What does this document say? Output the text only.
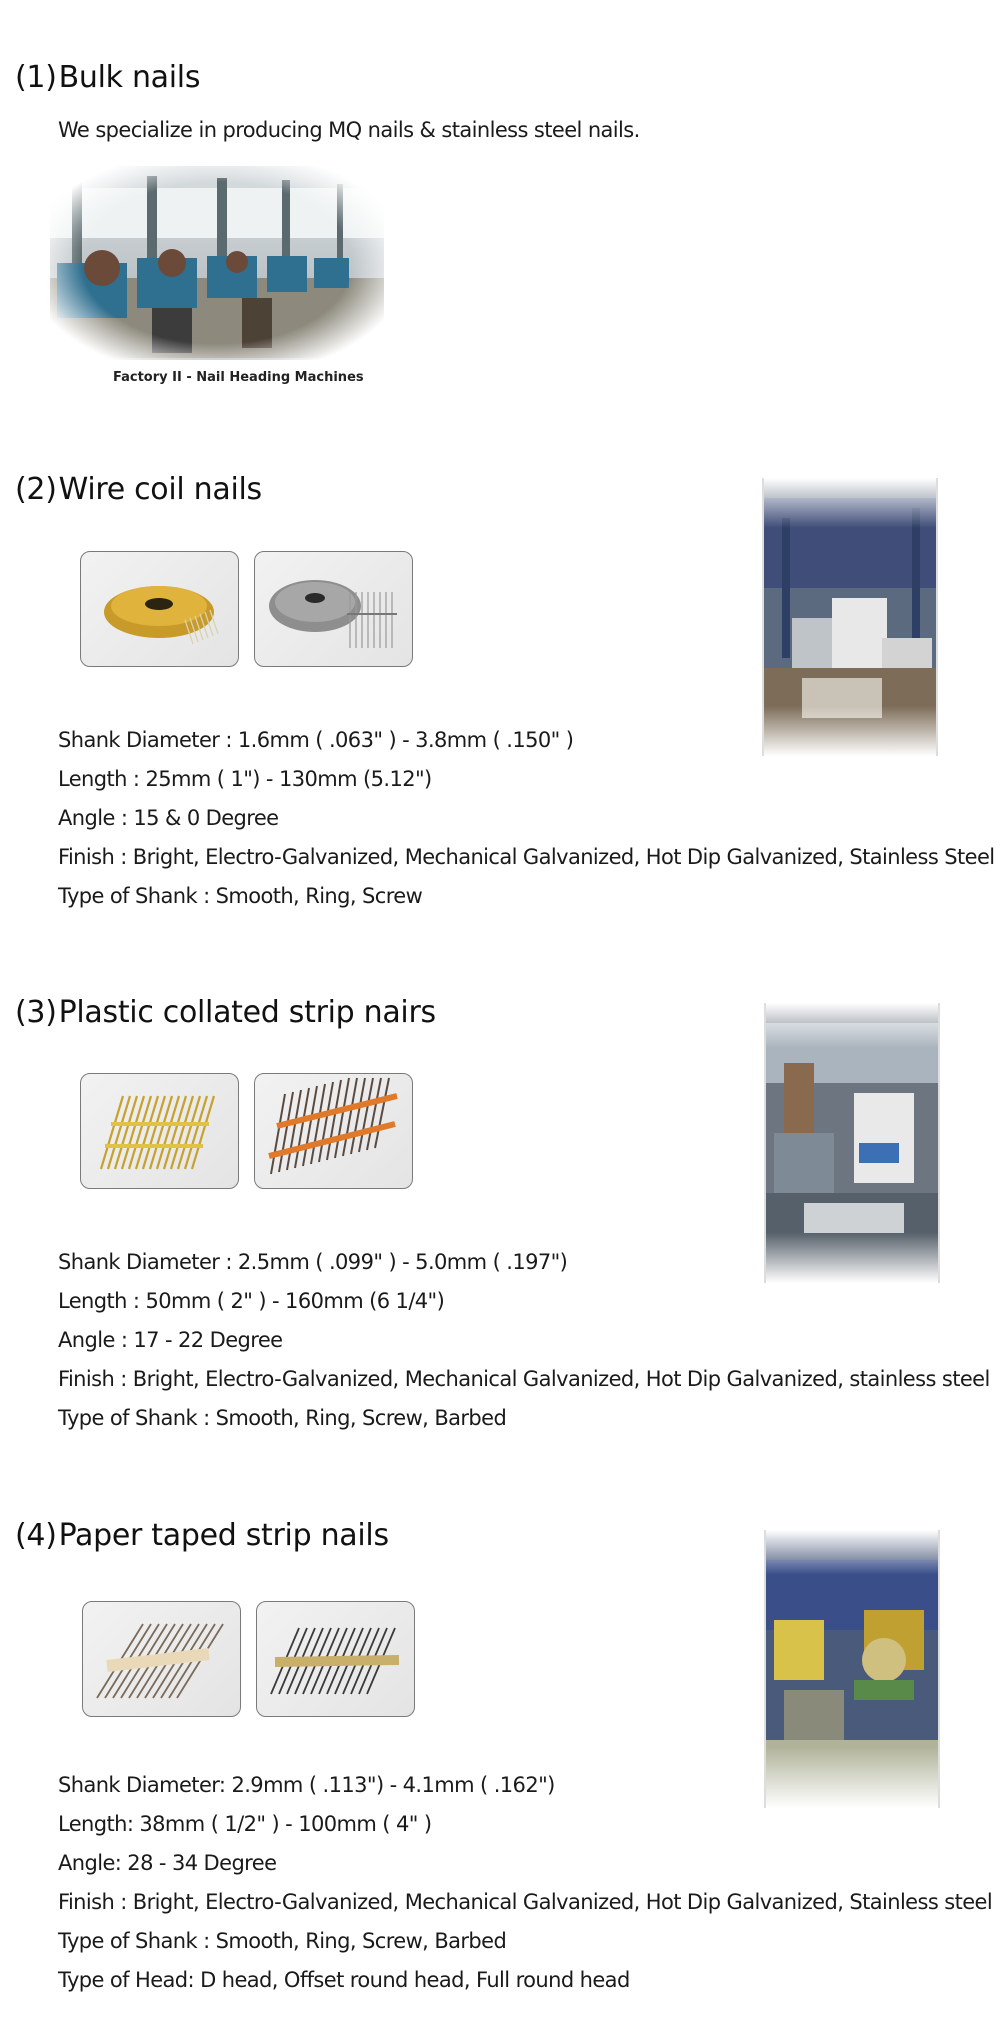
(1)Bulk nails
We specialize in producing MQ nails & stainless steel nails.
Factory II - Nail Heading Machines
(2)Wire coil nails
Shank Diameter : 1.6mm ( .063" ) - 3.8mm ( .150" )
Length : 25mm ( 1") - 130mm (5.12")
Angle : 15 & 0 Degree
Finish : Bright, Electro-Galvanized, Mechanical Galvanized, Hot Dip Galvanized, Stainless Steel
Type of Shank : Smooth, Ring, Screw
(3)Plastic collated strip nairs
Shank Diameter : 2.5mm ( .099" ) - 5.0mm ( .197")
Length : 50mm ( 2" ) - 160mm (6 1/4")
Angle : 17 - 22 Degree
Finish : Bright, Electro-Galvanized, Mechanical Galvanized, Hot Dip Galvanized, stainless steel
Type of Shank : Smooth, Ring, Screw, Barbed
(4)Paper taped strip nails
Shank Diameter: 2.9mm ( .113") - 4.1mm ( .162")
Length: 38mm ( 1/2" ) - 100mm ( 4" )
Angle: 28 - 34 Degree
Finish : Bright, Electro-Galvanized, Mechanical Galvanized, Hot Dip Galvanized, Stainless steel
Type of Shank : Smooth, Ring, Screw, Barbed
Type of Head: D head, Offset round head, Full round head
